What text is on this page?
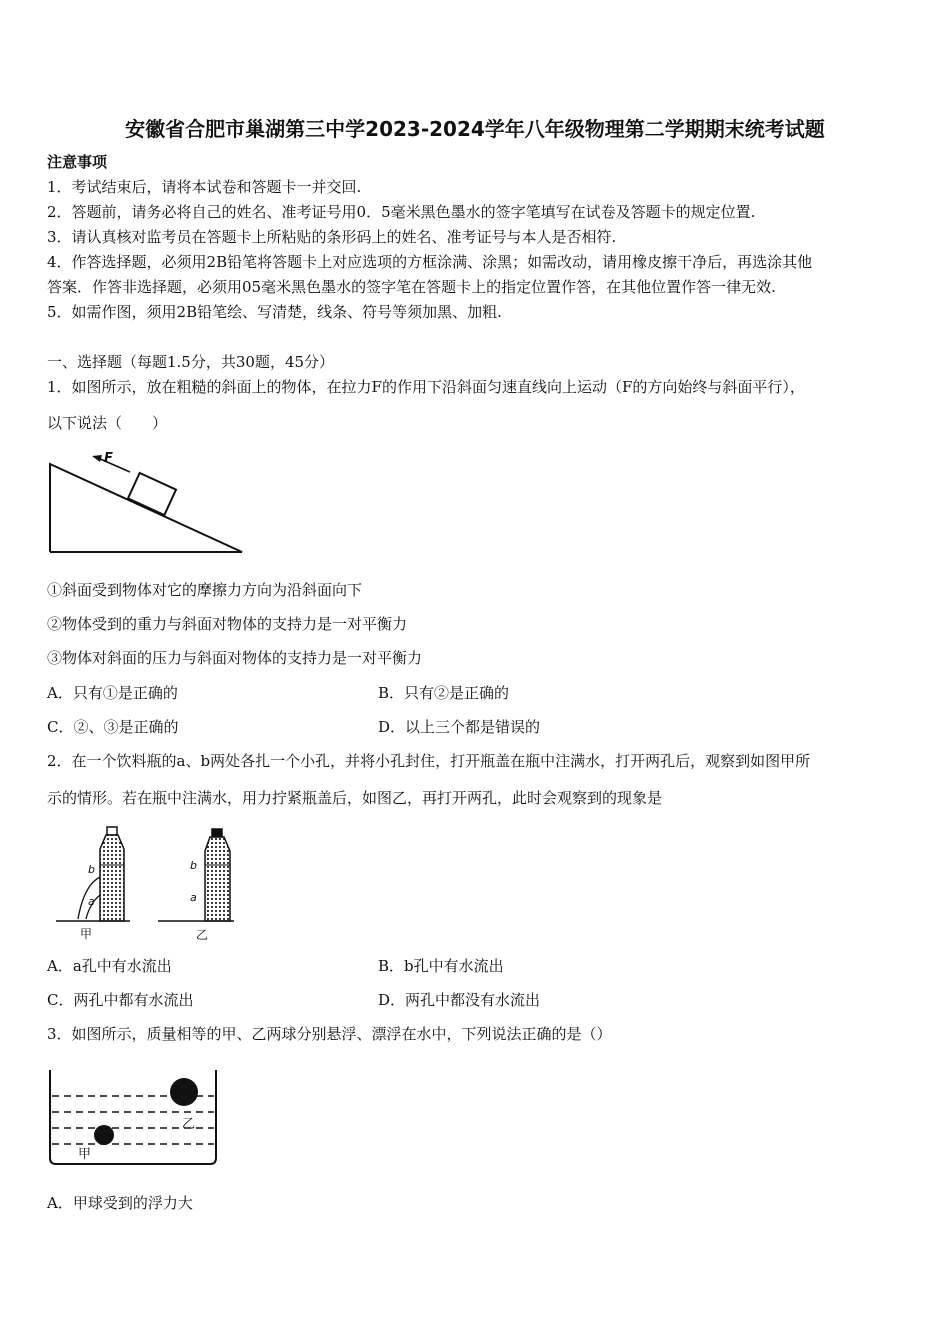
安徽省合肥市巢湖第三中学2023-2024学年八年级物理第二学期期末统考试题
注意事项
1．考试结束后，请将本试卷和答题卡一并交回.
2．答题前，请务必将自己的姓名、准考证号用0．5毫米黑色墨水的签字笔填写在试卷及答题卡的规定位置.
3．请认真核对监考员在答题卡上所粘贴的条形码上的姓名、准考证号与本人是否相符.
4．作答选择题，必须用2B铅笔将答题卡上对应选项的方框涂满、涂黑；如需改动，请用橡皮擦干净后，再选涂其他
答案．作答非选择题，必须用05毫米黑色墨水的签字笔在答题卡上的指定位置作答，在其他位置作答一律无效.
5．如需作图，须用2B铅笔绘、写清楚，线条、符号等须加黑、加粗.
一、选择题（每题1.5分，共30题，45分）
1．如图所示，放在粗糙的斜面上的物体，在拉力F的作用下沿斜面匀速直线向上运动（F的方向始终与斜面平行），
以下说法（　　）
F
①斜面受到物体对它的摩擦力方向为沿斜面向下
②物体受到的重力与斜面对物体的支持力是一对平衡力
③物体对斜面的压力与斜面对物体的支持力是一对平衡力
A．只有①是正确的	B．只有②是正确的
C．②、③是正确的	D．以上三个都是错误的
2．在一个饮料瓶的a、b两处各扎一个小孔，并将小孔封住，打开瓶盖在瓶中注满水，打开两孔后，观察到如图甲所
示的情形。若在瓶中注满水，用力拧紧瓶盖后，如图乙，再打开两孔，此时会观察到的现象是
b
a
甲
b
a
乙
A．a孔中有水流出	B．b孔中有水流出
C．两孔中都有水流出	D．两孔中都没有水流出
3．如图所示，质量相等的甲、乙两球分别悬浮、漂浮在水中，下列说法正确的是（）
乙
甲
A．甲球受到的浮力大
